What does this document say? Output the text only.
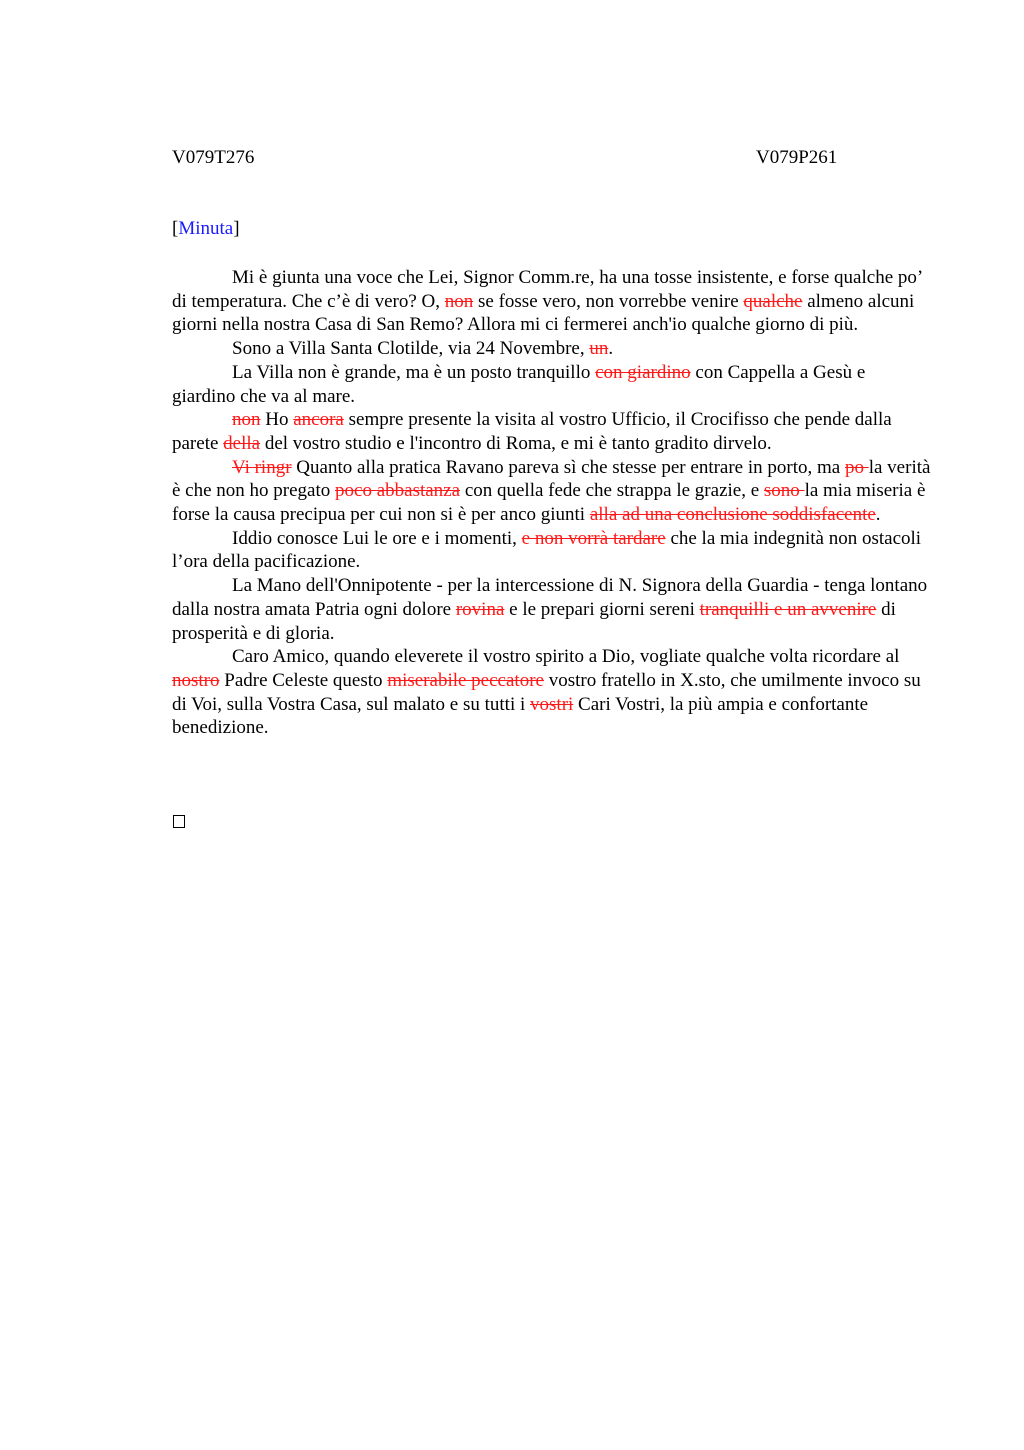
V079T276	V079P261
[Minuta]

Mi è giunta una voce che Lei, Signor Comm.re, ha una tosse insistente, e forse qualche po’ di temperatura. Che c’è di vero? O, non se fosse vero, non vorrebbe venire qualche almeno alcuni giorni nella nostra Casa di San Remo? Allora mi ci fermerei anch'io qualche giorno di più.

Sono a Villa Santa Clotilde, via 24 Novembre, un.

La Villa non è grande, ma è un posto tranquillo con giardino con Cappella a Gesù e giardino che va al mare.

non Ho ancora sempre presente la visita al vostro Ufficio, il Crocifisso che pende dalla parete della del vostro studio e l'incontro di Roma, e mi è tanto gradito dirvelo.

Vi ringr Quanto alla pratica Ravano pareva sì che stesse per entrare in porto, ma po la verità è che non ho pregato poco abbastanza con quella fede che strappa le grazie, e sono la mia miseria è forse la causa precipua per cui non si è per anco giunti alla ad una conclusione soddisfacente.

Iddio conosce Lui le ore e i momenti, e non vorrà tardare che la mia indegnità non ostacoli l’ora della pacificazione.

La Mano dell'Onnipotente - per la intercessione di N. Signora della Guardia - tenga lontano dalla nostra amata Patria ogni dolore rovina e le prepari giorni sereni tranquilli e un avvenire di prosperità e di gloria.

Caro Amico, quando eleverete il vostro spirito a Dio, vogliate qualche volta ricordare al nostro Padre Celeste questo miserabile peccatore vostro fratello in X.sto, che umilmente invoco su di Voi, sulla Vostra Casa, sul malato e su tutti i vostri Cari Vostri, la più ampia e confortante benedizione.
